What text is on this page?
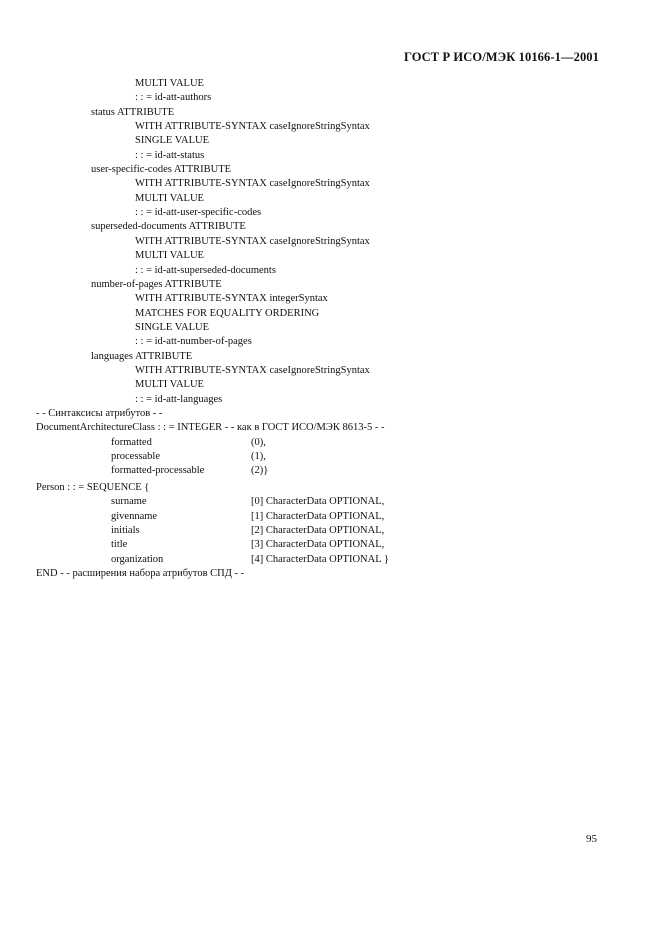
ГОСТ Р ИСО/МЭК 10166-1—2001
MULTI VALUE
: : = id-att-authors
status ATTRIBUTE
WITH ATTRIBUTE-SYNTAX caseIgnoreStringSyntax
SINGLE VALUE
: : = id-att-status
user-specific-codes ATTRIBUTE
WITH ATTRIBUTE-SYNTAX caseIgnoreStringSyntax
MULTI VALUE
: : = id-att-user-specific-codes
superseded-documents ATTRIBUTE
WITH ATTRIBUTE-SYNTAX caseIgnoreStringSyntax
MULTI VALUE
: : = id-att-superseded-documents
number-of-pages ATTRIBUTE
WITH ATTRIBUTE-SYNTAX integerSyntax
MATCHES FOR EQUALITY ORDERING
SINGLE VALUE
: : = id-att-number-of-pages
languages ATTRIBUTE
WITH ATTRIBUTE-SYNTAX caseIgnoreStringSyntax
MULTI VALUE
: : = id-att-languages
- - Синтаксисы атрибутов - -
DocumentArchitectureClass : : = INTEGER - - как в ГОСТ ИСО/МЭК 8613-5 - -
formatted	(0),
processable	(1),
formatted-processable	(2)}
Person : : = SEQUENCE {
surname	[0] CharacterData OPTIONAL,
givenname	[1] CharacterData OPTIONAL,
initials	[2] CharacterData OPTIONAL,
title	[3] CharacterData OPTIONAL,
organization	[4] CharacterData OPTIONAL }
END - - расширения набора атрибутов СПД - -
95
